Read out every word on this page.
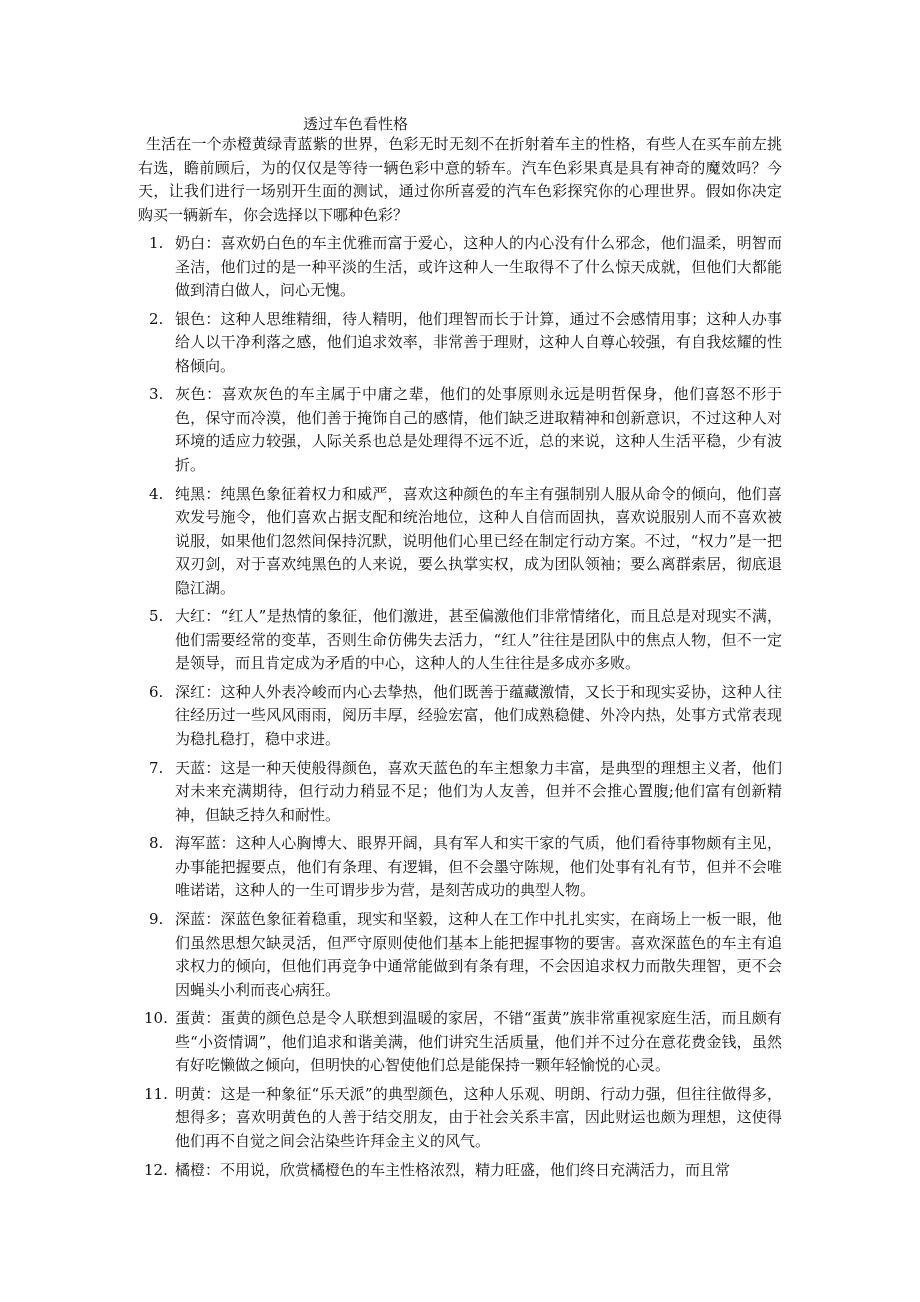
透过车色看性格
生活在一个赤橙黄绿青蓝紫的世界，色彩无时无刻不在折射着车主的性格，有些人在买车前左挑右选，瞻前顾后，为的仅仅是等待一辆色彩中意的轿车。汽车色彩果真是具有神奇的魔效吗？今天，让我们进行一场别开生面的测试，通过你所喜爱的汽车色彩探究你的心理世界。假如你决定购买一辆新车，你会选择以下哪种色彩？
1. 奶白：喜欢奶白色的车主优雅而富于爱心，这种人的内心没有什么邪念，他们温柔，明智而圣洁，他们过的是一种平淡的生活，或许这种人一生取得不了什么惊天成就，但他们大都能做到清白做人，问心无愧。
2. 银色：这种人思维精细，待人精明，他们理智而长于计算，通过不会感情用事；这种人办事给人以干净利落之感，他们追求效率，非常善于理财，这种人自尊心较强，有自我炫耀的性格倾向。
3. 灰色：喜欢灰色的车主属于中庸之辈，他们的处事原则永远是明哲保身，他们喜怒不形于色，保守而冷漠，他们善于掩饰自己的感情，他们缺乏进取精神和创新意识，不过这种人对环境的适应力较强，人际关系也总是处理得不远不近，总的来说，这种人生活平稳，少有波折。
4. 纯黑：纯黑色象征着权力和威严，喜欢这种颜色的车主有强制别人服从命令的倾向，他们喜欢发号施令，他们喜欢占据支配和统治地位，这种人自信而固执，喜欢说服别人而不喜欢被说服，如果他们忽然间保持沉默，说明他们心里已经在制定行动方案。不过，“权力”是一把双刃剑，对于喜欢纯黑色的人来说，要么执掌实权，成为团队领袖；要么离群索居，彻底退隐江湖。
5. 大红：“红人”是热情的象征，他们激进，甚至偏激他们非常情绪化，而且总是对现实不满，他们需要经常的变革，否则生命仿佛失去活力，“红人”往往是团队中的焦点人物，但不一定是领导，而且肯定成为矛盾的中心，这种人的人生往往是多成亦多败。
6. 深红：这种人外表冷峻而内心去挚热，他们既善于蕴藏激情，又长于和现实妥协，这种人往往经历过一些风风雨雨，阅历丰厚，经验宏富，他们成熟稳健、外冷内热，处事方式常表现为稳扎稳打，稳中求进。
7. 天蓝：这是一种天使般得颜色，喜欢天蓝色的车主想象力丰富，是典型的理想主义者，他们对未来充满期待，但行动力稍显不足；他们为人友善，但并不会推心置腹;他们富有创新精神，但缺乏持久和耐性。
8. 海军蓝：这种人心胸博大、眼界开阔，具有军人和实干家的气质，他们看待事物颇有主见，办事能把握要点，他们有条理、有逻辑，但不会墨守陈规，他们处事有礼有节，但并不会唯唯诺诺，这种人的一生可谓步步为营，是刻苦成功的典型人物。
9. 深蓝：深蓝色象征着稳重，现实和坚毅，这种人在工作中扎扎实实，在商场上一板一眼，他们虽然思想欠缺灵活，但严守原则使他们基本上能把握事物的要害。喜欢深蓝色的车主有追求权力的倾向，但他们再竞争中通常能做到有条有理，不会因追求权力而散失理智，更不会因蝇头小利而丧心病狂。
10. 蛋黄：蛋黄的颜色总是令人联想到温暖的家居，不错“蛋黄”族非常重视家庭生活，而且颇有些“小资情调”，他们追求和谐美满，他们讲究生活质量，他们并不过分在意花费金钱，虽然有好吃懒做之倾向，但明快的心智使他们总是能保持一颗年轻愉悦的心灵。
11. 明黄：这是一种象征“乐天派”的典型颜色，这种人乐观、明朗、行动力强，但往往做得多，想得多；喜欢明黄色的人善于结交朋友，由于社会关系丰富，因此财运也颇为理想，这使得他们再不自觉之间会沾染些许拜金主义的风气。
12. 橘橙：不用说，欣赏橘橙色的车主性格浓烈，精力旺盛，他们终日充满活力，而且常
